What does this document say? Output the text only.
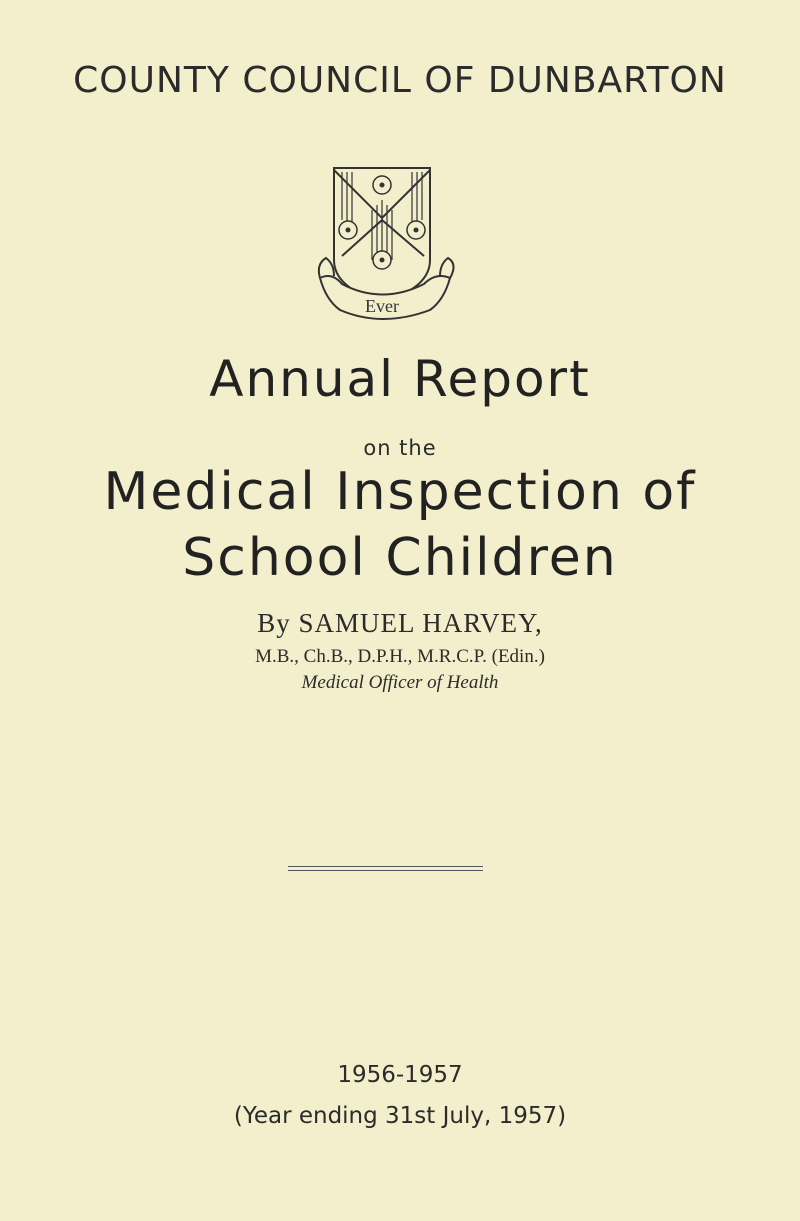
COUNTY COUNCIL OF DUNBARTON
Ever
Annual Report
on the
Medical Inspection of
School Children
By SAMUEL HARVEY,
M.B., Ch.B., D.P.H., M.R.C.P. (Edin.)
Medical Officer of Health
1956-1957
(Year ending 31st July, 1957)
